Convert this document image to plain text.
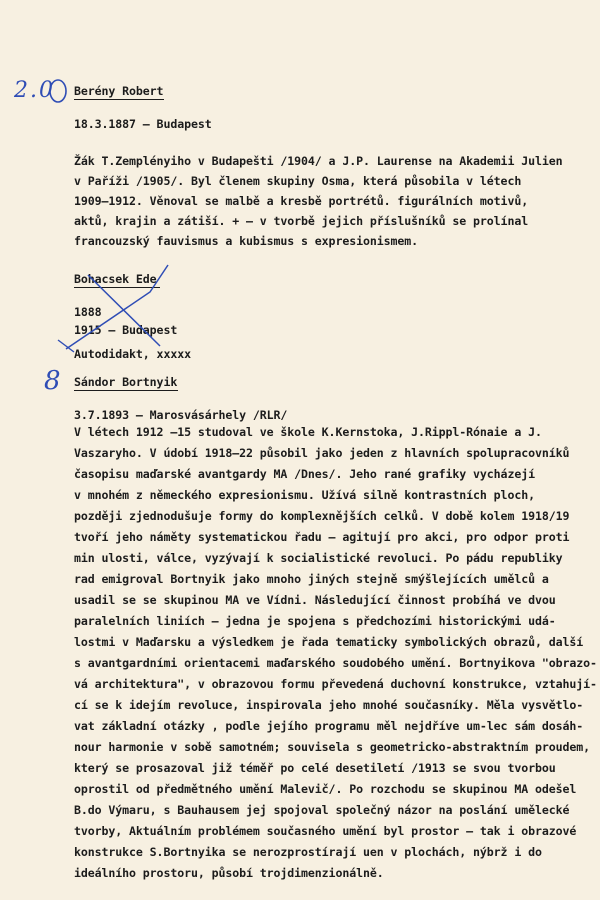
2.0 Berény Robert
18.3.1887 – Budapest
Žák T.Zemplényiho v Budapešti /1904/ a J.P. Laurense na Akademii Julien
v Paříži /1905/. Byl členem skupiny Osma, která působila v létech
1909–1912. Věnoval se malbě a kresbě portrétů. figurálních motivů,
aktů, krajin a zátiší. + – v tvorbě jejich příslušníků se prolínal
francouzský fauvismus a kubismus s expresionismem.
Bohacsek Ede
1888
1915 – Budapest
Autodidakt, xxxxx
8 Sándor Bortnyik
3.7.1893 – Marosvásárhely /RLR/
V létech 1912 –15 studoval ve škole K.Kernstoka, J.Rippl-Rónaie a J.
Vaszaryho. V údobí 1918–22 působil jako jeden z hlavních spolupracovníků
časopisu maďarské avantgardy MA /Dnes/. Jeho rané grafiky vycházejí
v mnohém z německého expresionismu. Užívá silně kontrastních ploch,
později zjednodušuje formy do komplexnějších celků. V době kolem 1918/19
tvoří jeho náměty systematickou řadu – agitují pro akci, pro odpor proti
min ulosti, válce, vyzývají k socialistické revoluci. Po pádu republiky
rad emigroval Bortnyik jako mnoho jiných stejně smýšlejících umělců a
usadil se se skupinou MA ve Vídni. Následující činnost probíhá ve dvou
paralelních liniích – jedna je spojena s předchozími historickými udá-
lostmi v Maďarsku a výsledkem je řada tematicky symbolických obrazů, další
s avantgardními orientacemi maďarského soudobého umění. Bortnyikova "obrazo-
vá architektura", v obrazovou formu převedená duchovní konstrukce, vztahují-
cí se k idejím revoluce, inspirovala jeho mnohé současníky. Měla vysvětlo-
vat základní otázky , podle jejího programu měl nejdříve um-lec sám dosáh-
nour harmonie v sobě samotném; souvisela s geometricko-abstraktním proudem,
který se prosazoval již téměř po celé desetiletí /1913 se svou tvorbou
oprostil od předmětného umění Malevič/. Po rozchodu se skupinou MA odešel
B.do Výmaru, s Bauhausem jej spojoval společný názor na poslání umělecké
tvorby, Aktuálním problémem současného umění byl prostor – tak i obrazové
konstrukce S.Bortnyika se nerozprostírají uen v plochách, nýbrž i do
ideálního prostoru, působí trojdimenzionálně.
